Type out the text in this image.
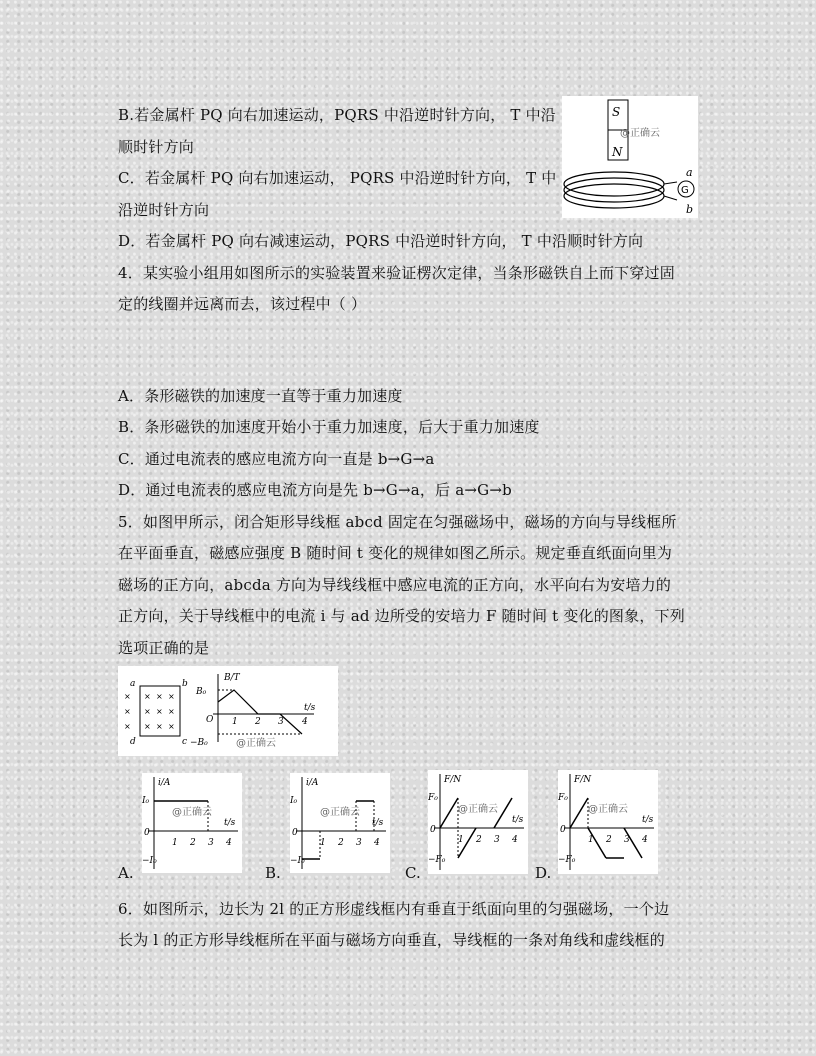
B.若金属杆 PQ 向右加速运动，PQRS 中沿逆时针方向， T 中沿
顺时针方向
C．若金属杆 PQ 向右加速运动， PQRS 中沿逆时针方向， T 中
沿逆时针方向
D．若金属杆 PQ 向右减速运动，PQRS 中沿逆时针方向， T 中沿顺时针方向
4．某实验小组用如图所示的实验装置来验证楞次定律，当条形磁铁自上而下穿过固
定的线圈并远离而去，该过程中（ ）
A．条形磁铁的加速度一直等于重力加速度
B．条形磁铁的加速度开始小于重力加速度，后大于重力加速度
C．通过电流表的感应电流方向一直是 b→G→a
D．通过电流表的感应电流方向是先 b→G→a，后 a→G→b
5．如图甲所示，闭合矩形导线框 abcd 固定在匀强磁场中，磁场的方向与导线框所
在平面垂直，磁感应强度 B 随时间 t 变化的规律如图乙所示。规定垂直纸面向里为
磁场的正方向，abcda 方向为导线线框中感应电流的正方向，水平向右为安培力的
正方向，关于导线框中的电流 i 与 ad 边所受的安培力 F 随时间 t 变化的图象，下列
选项正确的是
6．如图所示，边长为 2l 的正方形虚线框内有垂直于纸面向里的匀强磁场，一个边
长为 l 的正方形导线框所在平面与磁场方向垂直，导线框的一条对角线和虚线框的
S
N
@正确云
G
a
b
a	b
c
d
×
×
×
×
×
×
×
×
×
×
×
×
B/T
t/s
B₀
−B₀
O 1 2 3 4
@正确云
A.
i/A
t/s
I₀
−I₀
0
1 2 3 4
@正确云
B.
i/A
t/s
I₀
−I₀
0
1 2 3 4
@正确云
C.
F/N
t/s
F₀
−F₀
0
1 2 3 4
@正确云
D.
F/N
t/s
F₀
−F₀
0
1 2 3 4
@正确云
